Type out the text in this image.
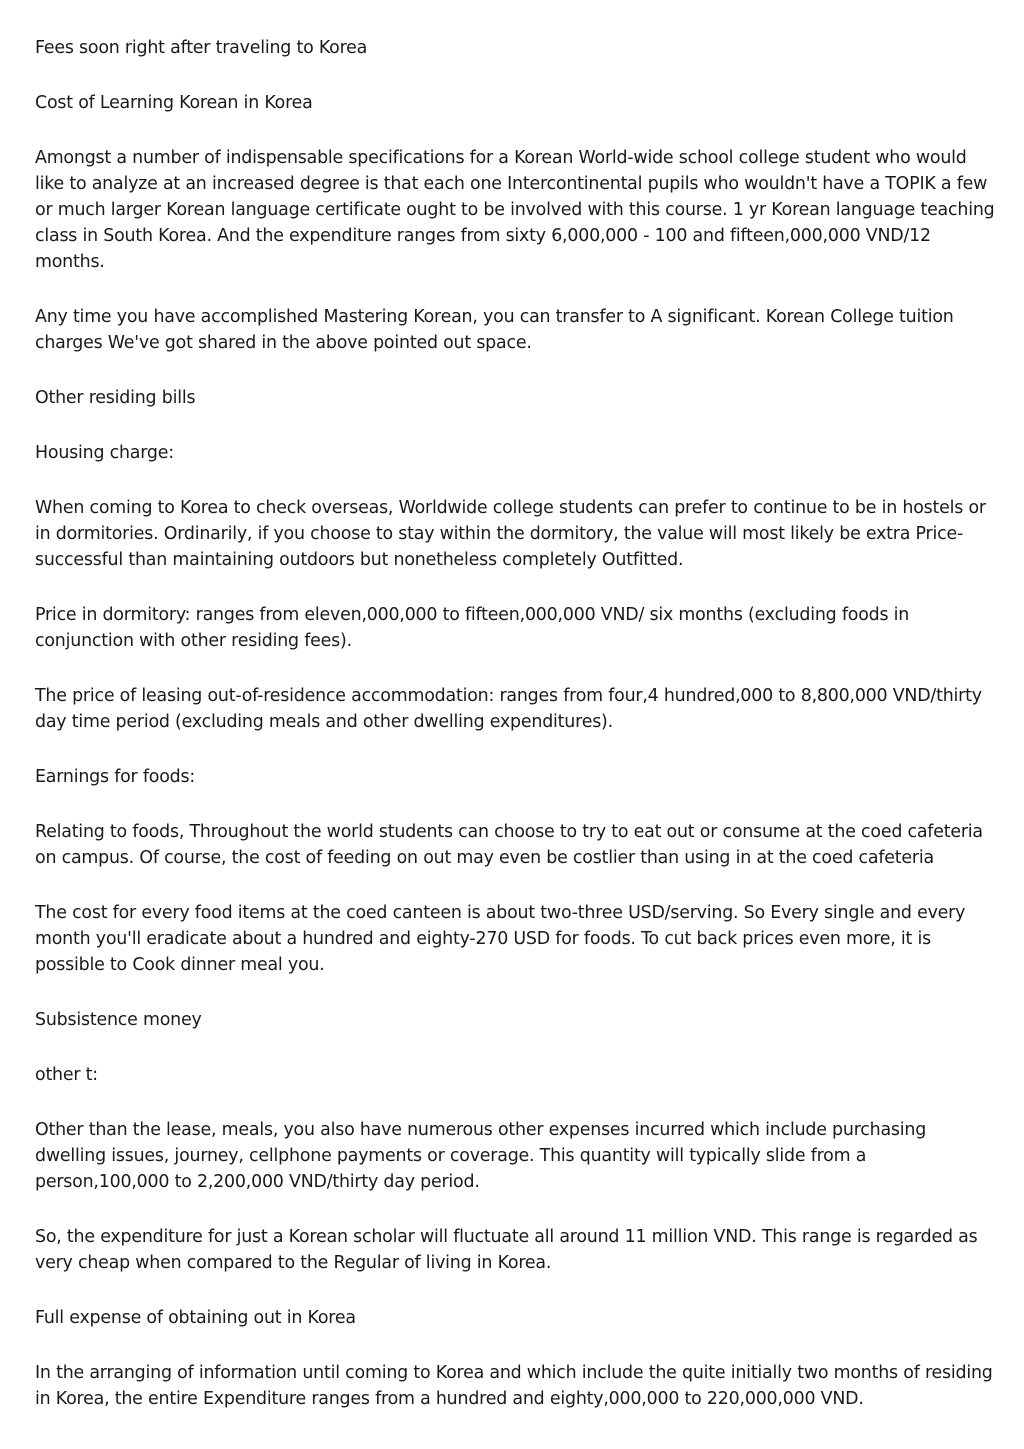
Fees soon right after traveling to Korea

Cost of Learning Korean in Korea

Amongst a number of indispensable specifications for a Korean World-wide school college student who would like to analyze at an increased degree is that each one Intercontinental pupils who wouldn't have a TOPIK a few or much larger Korean language certificate ought to be involved with this course. 1 yr Korean language teaching class in South Korea. And the expenditure ranges from sixty 6,000,000 - 100 and fifteen,000,000 VND/12 months.

Any time you have accomplished Mastering Korean, you can transfer to A significant. Korean College tuition charges We've got shared in the above pointed out space.

Other residing bills

Housing charge:

When coming to Korea to check overseas, Worldwide college students can prefer to continue to be in hostels or in dormitories. Ordinarily, if you choose to stay within the dormitory, the value will most likely be extra Price-successful than maintaining outdoors but nonetheless completely Outfitted.

Price in dormitory: ranges from eleven,000,000 to fifteen,000,000 VND/ six months (excluding foods in conjunction with other residing fees).

The price of leasing out-of-residence accommodation: ranges from four,4 hundred,000 to 8,800,000 VND/thirty day time period (excluding meals and other dwelling expenditures).

Earnings for foods:

Relating to foods, Throughout the world students can choose to try to eat out or consume at the coed cafeteria on campus. Of course, the cost of feeding on out may even be costlier than using in at the coed cafeteria

The cost for every food items at the coed canteen is about two-three USD/serving. So Every single and every month you'll eradicate about a hundred and eighty-270 USD for foods. To cut back prices even more, it is possible to Cook dinner meal you.

Subsistence money

other t:

Other than the lease, meals, you also have numerous other expenses incurred which include purchasing dwelling issues, journey, cellphone payments or coverage. This quantity will typically slide from a person,100,000 to 2,200,000 VND/thirty day period.

So, the expenditure for just a Korean scholar will fluctuate all around 11 million VND. This range is regarded as very cheap when compared to the Regular of living in Korea.

Full expense of obtaining out in Korea

In the arranging of information until coming to Korea and which include the quite initially two months of residing in Korea, the entire Expenditure ranges from a hundred and eighty,000,000 to 220,000,000 VND.
